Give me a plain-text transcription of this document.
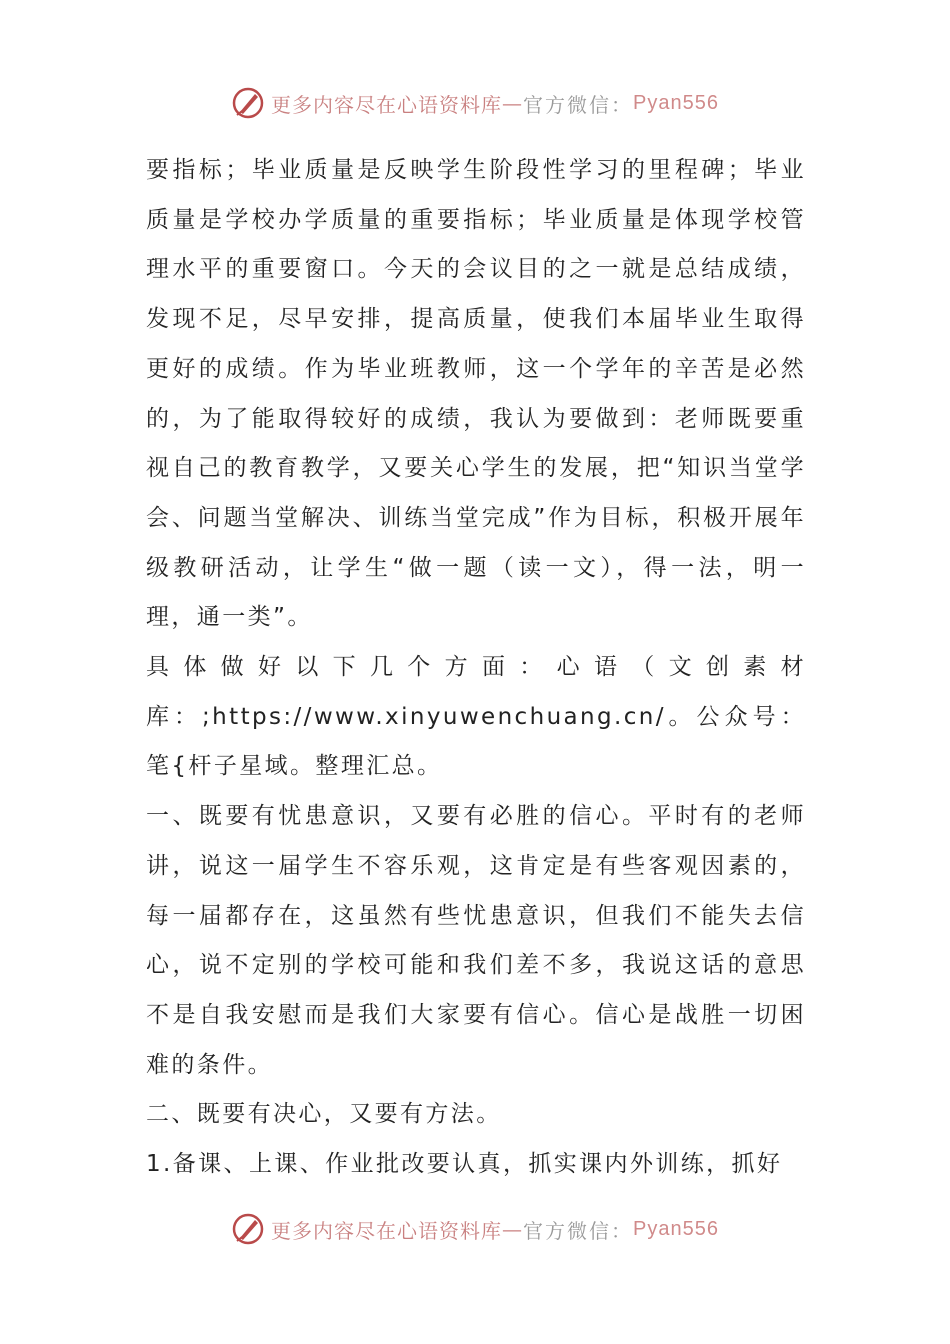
更多内容尽在心语资料库 — 官方微信： Pyan556

要指标；毕业质量是反映学生阶段性学习的里程碑；毕业质量是学校办学质量的重要指标；毕业质量是体现学校管理水平的重要窗口。今天的会议目的之一就是总结成绩，发现不足，尽早安排，提高质量，使我们本届毕业生取得更好的成绩。作为毕业班教师，这一个学年的辛苦是必然的，为了能取得较好的成绩，我认为要做到：老师既要重视自己的教育教学，又要关心学生的发展，把“知识当堂学会、问题当堂解决、训练当堂完成”作为目标，积极开展年级教研活动，让学生“做一题（读一文），得一法，明一理，通一类”。

具体做好以下几个方面：心语（文创素材库：;https://www.xinyuwenchuang.cn/。公众号：笔{杆子星域。整理汇总。

一、既要有忧患意识，又要有必胜的信心。平时有的老师讲，说这一届学生不容乐观，这肯定是有些客观因素的，每一届都存在，这虽然有些忧患意识，但我们不能失去信心，说不定别的学校可能和我们差不多，我说这话的意思不是自我安慰而是我们大家要有信心。信心是战胜一切困难的条件。

二、既要有决心，又要有方法。

1.备课、上课、作业批改要认真，抓实课内外训练，抓好

更多内容尽在心语资料库 — 官方微信： Pyan556
